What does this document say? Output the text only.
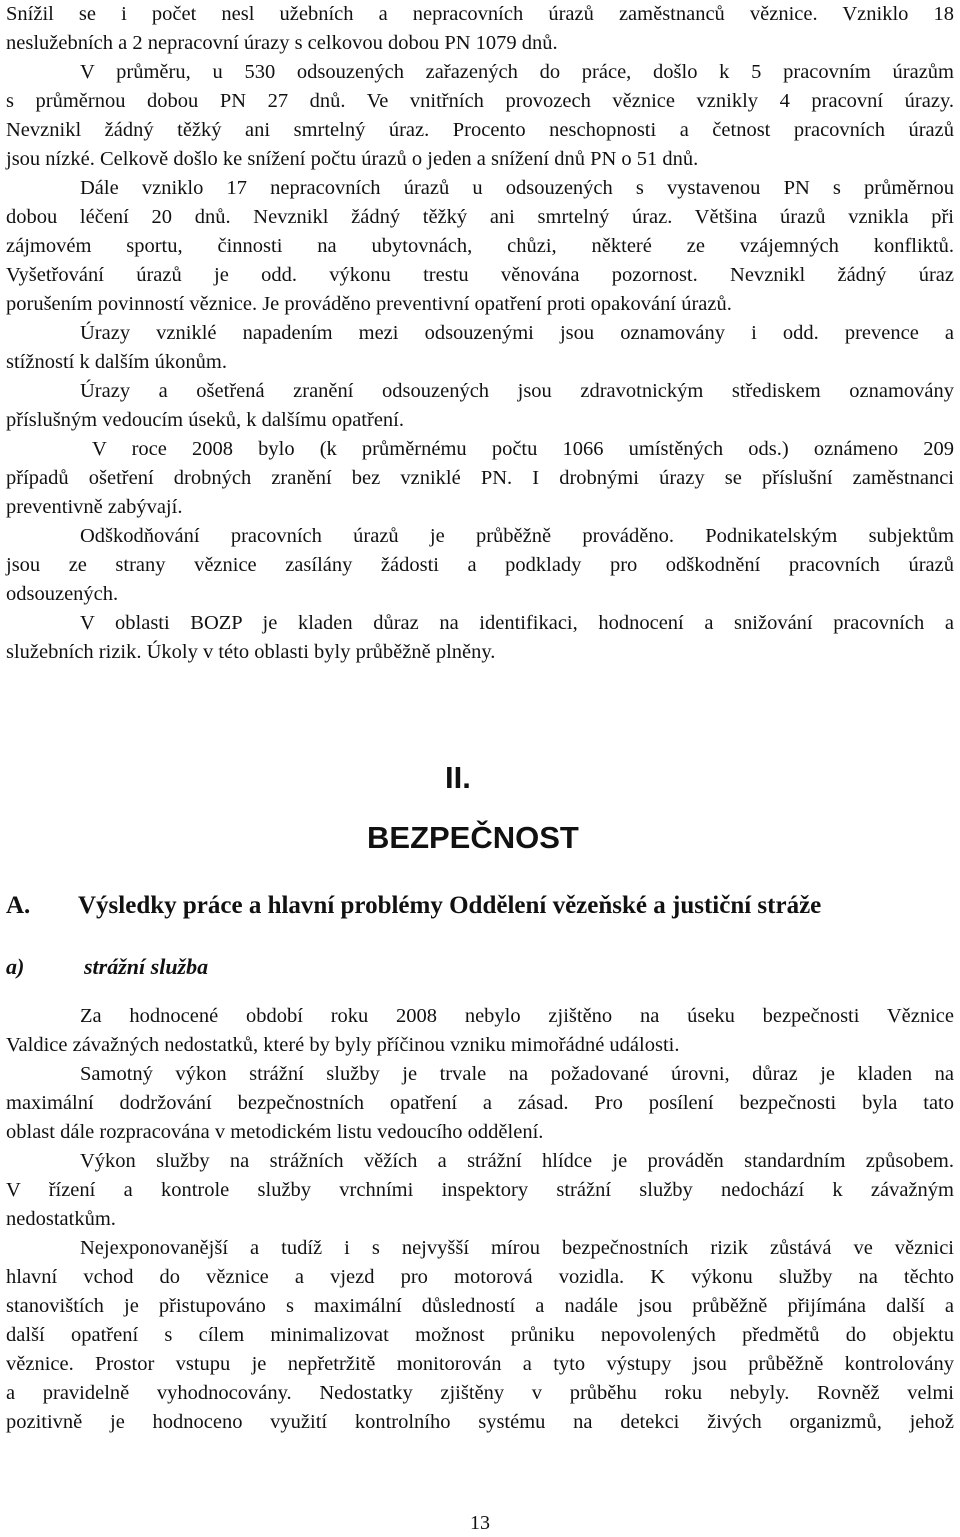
Snížil se i počet nesl užebních a nepracovních úrazů zaměstnanců věznice. Vzniklo 18
neslužebních a 2 nepracovní úrazy s celkovou dobou PN 1079 dnů.
V průměru, u 530 odsouzených zařazených do práce, došlo k 5 pracovním úrazům
s průměrnou dobou PN 27 dnů. Ve vnitřních provozech věznice vznikly 4 pracovní úrazy.
Nevznikl žádný těžký ani smrtelný úraz. Procento neschopnosti a četnost pracovních úrazů
jsou nízké. Celkově došlo ke snížení počtu úrazů o jeden a snížení dnů PN o 51 dnů.
Dále vzniklo 17 nepracovních úrazů u odsouzených s vystavenou PN s průměrnou
dobou léčení 20 dnů. Nevznikl žádný těžký ani smrtelný úraz. Většina úrazů vznikla při
zájmovém sportu, činnosti na ubytovnách, chůzi, některé ze vzájemných konfliktů.
Vyšetřování úrazů je odd. výkonu trestu věnována pozornost. Nevznikl žádný úraz
porušením povinností věznice. Je prováděno preventivní opatření proti opakování úrazů.
Úrazy vzniklé napadením mezi odsouzenými jsou oznamovány i odd. prevence a
stížností k dalším úkonům.
Úrazy a ošetřená zranění odsouzených jsou zdravotnickým střediskem oznamovány
příslušným vedoucím úseků, k dalšímu opatření.
V roce 2008 bylo (k průměrnému počtu 1066 umístěných ods.) oznámeno 209
případů ošetření drobných zranění bez vzniklé PN. I drobnými úrazy se příslušní zaměstnanci
preventivně zabývají.
Odškodňování pracovních úrazů je průběžně prováděno. Podnikatelským subjektům
jsou ze strany věznice zasílány žádosti a podklady pro odškodnění pracovních úrazů
odsouzených.
V oblasti BOZP je kladen důraz na identifikaci, hodnocení a snižování pracovních a
služebních rizik. Úkoly v této oblasti byly průběžně plněny.
II.
BEZPEČNOST
A. Výsledky práce a hlavní problémy Oddělení vězeňské a justiční stráže
a)	strážní služba
Za hodnocené období roku 2008 nebylo zjištěno na úseku bezpečnosti Věznice
Valdice závažných nedostatků, které by byly příčinou vzniku mimořádné události.
Samotný výkon strážní služby je trvale na požadované úrovni, důraz je kladen na
maximální dodržování bezpečnostních opatření a zásad. Pro posílení bezpečnosti byla tato
oblast dále rozpracována v metodickém listu vedoucího oddělení.
Výkon služby na strážních věžích a strážní hlídce je prováděn standardním způsobem.
V řízení a kontrole služby vrchními inspektory strážní služby nedochází k závažným
nedostatkům.
Nejexponovanější a tudíž i s nejvyšší mírou bezpečnostních rizik zůstává ve věznici
hlavní vchod do věznice a vjezd pro motorová vozidla. K výkonu služby na těchto
stanovištích je přistupováno s maximální důsledností a nadále jsou průběžně přijímána další a
další opatření s cílem minimalizovat možnost průniku nepovolených předmětů do objektu
věznice. Prostor vstupu je nepřetržitě monitorován a tyto výstupy jsou průběžně kontrolovány
a pravidelně vyhodnocovány. Nedostatky zjištěny v průběhu roku nebyly. Rovněž velmi
pozitivně je hodnoceno využití kontrolního systému na detekci živých organizmů, jehož
13
